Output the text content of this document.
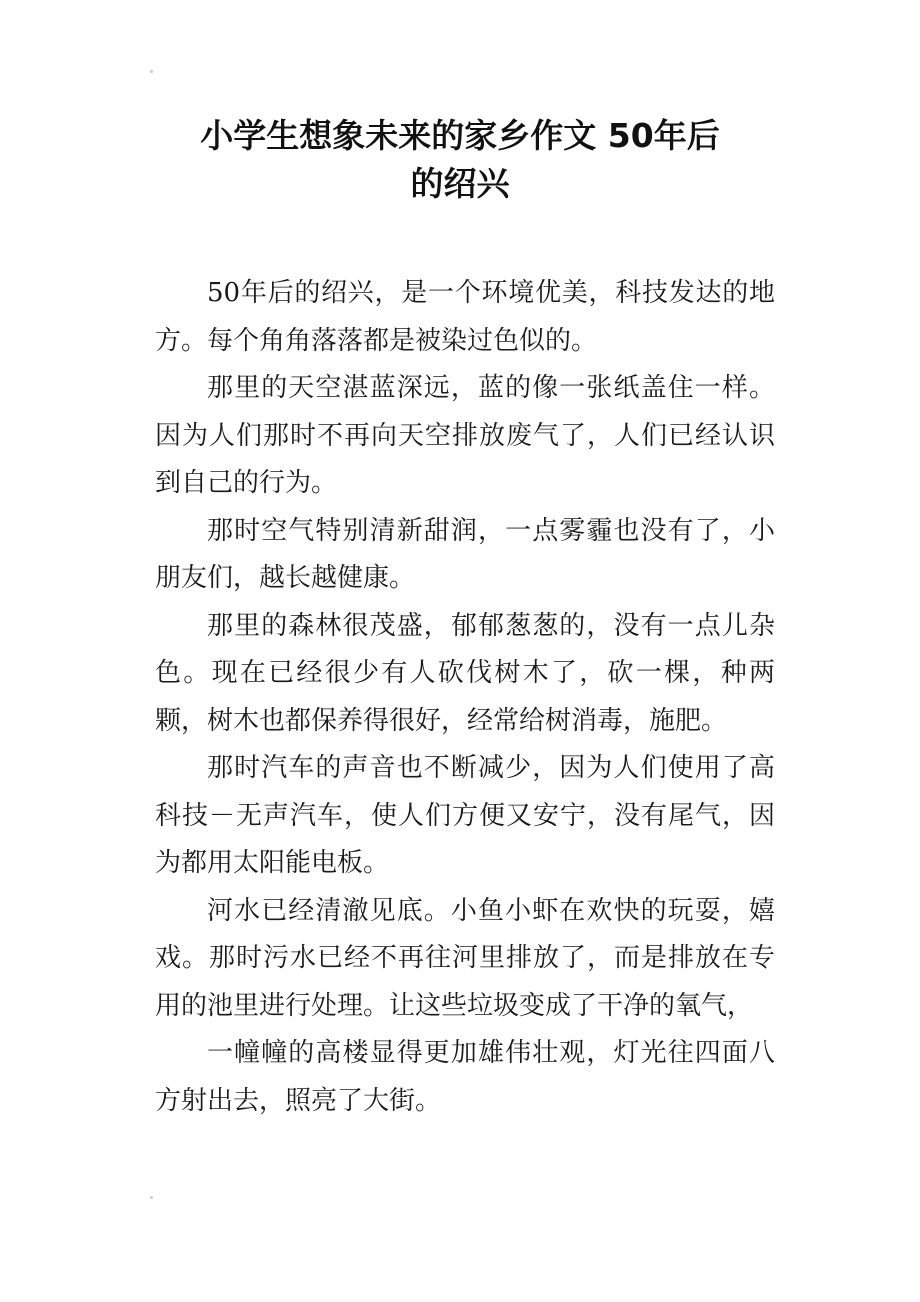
小学生想象未来的家乡作文 50年后
的绍兴

50年后的绍兴，是一个环境优美，科技发达的地方。每个角角落落都是被染过色似的。

那里的天空湛蓝深远，蓝的像一张纸盖住一样。因为人们那时不再向天空排放废气了，人们已经认识到自己的行为。

那时空气特别清新甜润，一点雾霾也没有了，小朋友们，越长越健康。

那里的森林很茂盛，郁郁葱葱的，没有一点儿杂色。现在已经很少有人砍伐树木了，砍一棵，种两颗，树木也都保养得很好，经常给树消毒，施肥。

那时汽车的声音也不断减少，因为人们使用了高科技－无声汽车，使人们方便又安宁，没有尾气，因为都用太阳能电板。

河水已经清澈见底。小鱼小虾在欢快的玩耍，嬉戏。那时污水已经不再往河里排放了，而是排放在专用的池里进行处理。让这些垃圾变成了干净的氧气，

一幢幢的高楼显得更加雄伟壮观，灯光往四面八方射出去，照亮了大街。
